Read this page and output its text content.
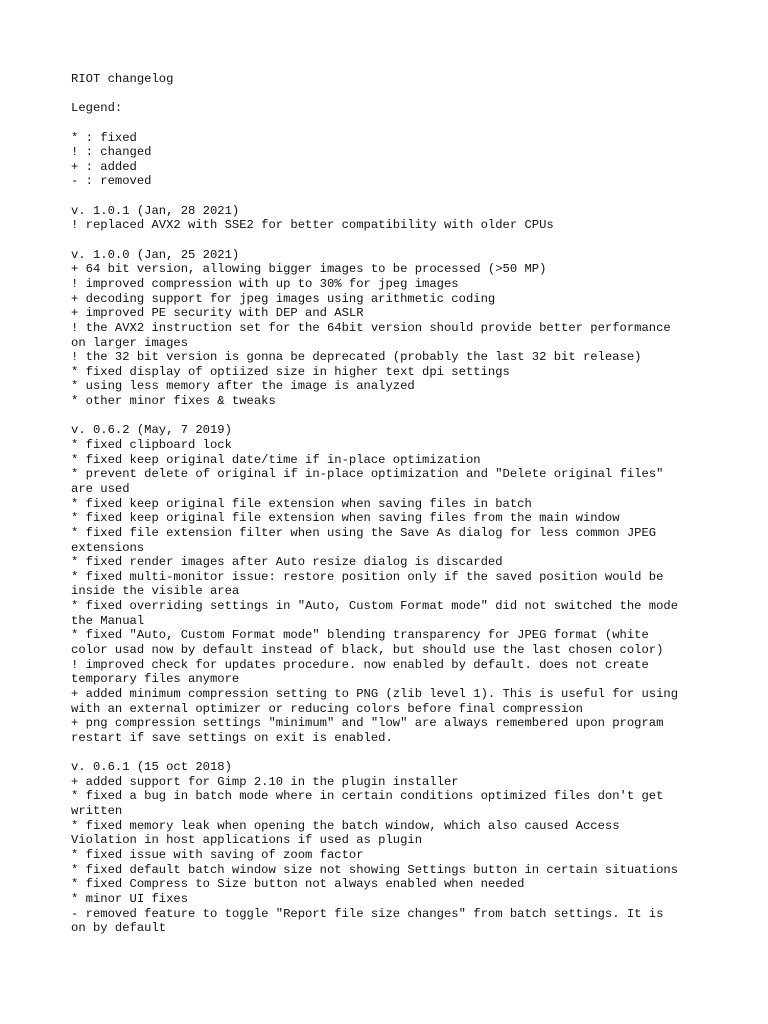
RIOT changelog
Legend:
* : fixed
! : changed
+ : added
- : removed
v. 1.0.1 (Jan, 28 2021)
! replaced AVX2 with SSE2 for better compatibility with older CPUs
v. 1.0.0 (Jan, 25 2021)
+ 64 bit version, allowing bigger images to be processed (>50 MP)
! improved compression with up to 30% for jpeg images
+ decoding support for jpeg images using arithmetic coding
+ improved PE security with DEP and ASLR
! the AVX2 instruction set for the 64bit version should provide better performance
on larger images
! the 32 bit version is gonna be deprecated (probably the last 32 bit release)
* fixed display of optiized size in higher text dpi settings
* using less memory after the image is analyzed
* other minor fixes & tweaks
v. 0.6.2 (May, 7 2019)
* fixed clipboard lock
* fixed keep original date/time if in-place optimization
* prevent delete of original if in-place optimization and "Delete original files"
are used
* fixed keep original file extension when saving files in batch
* fixed keep original file extension when saving files from the main window
* fixed file extension filter when using the Save As dialog for less common JPEG
extensions
* fixed render images after Auto resize dialog is discarded
* fixed multi-monitor issue: restore position only if the saved position would be
inside the visible area
* fixed overriding settings in "Auto, Custom Format mode" did not switched the mode
the Manual
* fixed "Auto, Custom Format mode" blending transparency for JPEG format (white
color usad now by default instead of black, but should use the last chosen color)
! improved check for updates procedure. now enabled by default. does not create
temporary files anymore
+ added minimum compression setting to PNG (zlib level 1). This is useful for using
with an external optimizer or reducing colors before final compression
+ png compression settings "minimum" and "low" are always remembered upon program
restart if save settings on exit is enabled.
v. 0.6.1 (15 oct 2018)
+ added support for Gimp 2.10 in the plugin installer
* fixed a bug in batch mode where in certain conditions optimized files don't get
written
* fixed memory leak when opening the batch window, which also caused Access
Violation in host applications if used as plugin
* fixed issue with saving of zoom factor
* fixed default batch window size not showing Settings button in certain situations
* fixed Compress to Size button not always enabled when needed
* minor UI fixes
- removed feature to toggle "Report file size changes" from batch settings. It is
on by default
